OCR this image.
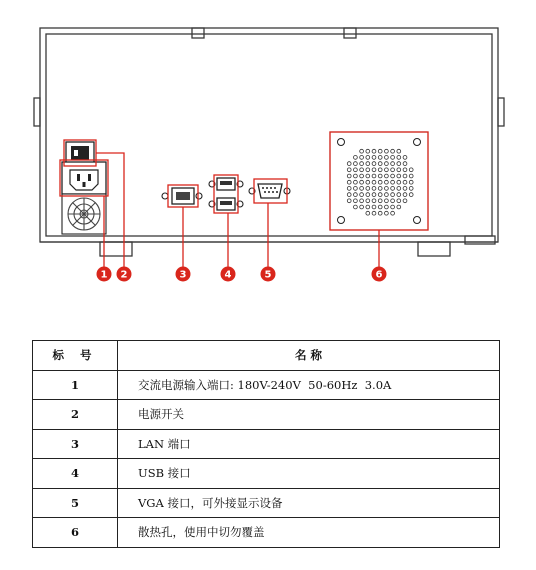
1 2	3	4	5	6
标 号	名 称
1	交流电源输入端口: 180V-240V  50-60Hz  3.0A
2	电源开关
3	LAN 端口
4	USB 接口
5	VGA 接口，可外接显示设备
6	散热孔，使用中切勿覆盖
